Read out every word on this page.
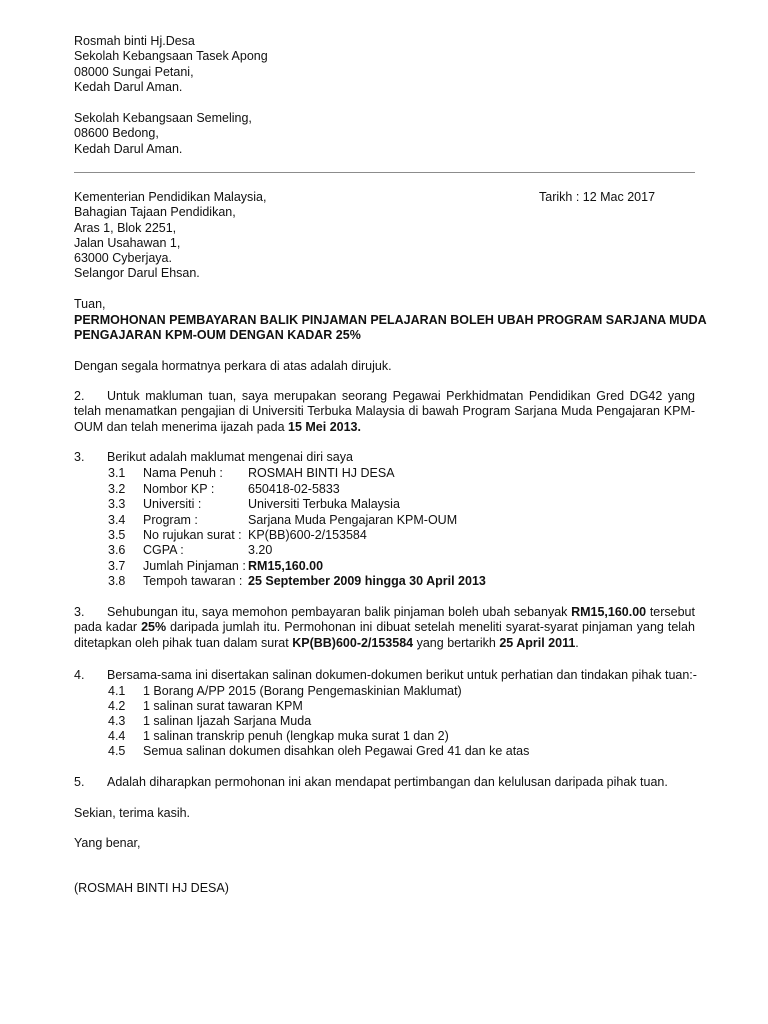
Rosmah binti Hj.Desa
Sekolah Kebangsaan Tasek Apong
08000 Sungai Petani,
Kedah Darul Aman.
Sekolah Kebangsaan Semeling,
08600 Bedong,
Kedah Darul Aman.
Kementerian Pendidikan Malaysia,
Bahagian Tajaan Pendidikan,
Aras 1, Blok 2251,
Jalan Usahawan 1,
63000 Cyberjaya.
Selangor Darul Ehsan.
Tarikh : 12 Mac 2017
Tuan,
PERMOHONAN PEMBAYARAN BALIK PINJAMAN PELAJARAN BOLEH UBAH PROGRAM SARJANA MUDA
PENGAJARAN KPM-OUM DENGAN KADAR 25%
Dengan segala hormatnya perkara di atas adalah dirujuk.
2. Untuk makluman tuan, saya merupakan seorang Pegawai Perkhidmatan Pendidikan Gred DG42 yang telah menamatkan pengajian di Universiti Terbuka Malaysia di bawah Program Sarjana Muda Pengajaran KPM-OUM dan telah menerima ijazah pada 15 Mei 2013.
3. Berikut adalah maklumat mengenai diri saya
3.1 Nama Penuh : ROSMAH BINTI HJ DESA
3.2 Nombor KP :	650418-02-5833
3.3 Universiti :	Universiti Terbuka Malaysia
3.4 Program :	Sarjana Muda Pengajaran KPM-OUM
3.5 No rujukan surat : KP(BB)600-2/153584
3.6 CGPA :	3.20
3.7 Jumlah Pinjaman : RM15,160.00
3.8 Tempoh tawaran : 25 September 2009 hingga 30 April 2013
3. Sehubungan itu, saya memohon pembayaran balik pinjaman boleh ubah sebanyak RM15,160.00 tersebut pada kadar 25% daripada jumlah itu. Permohonan ini dibuat setelah meneliti syarat-syarat pinjaman yang telah ditetapkan oleh pihak tuan dalam surat KP(BB)600-2/153584 yang bertarikh 25 April 2011.
4. Bersama-sama ini disertakan salinan dokumen-dokumen berikut untuk perhatian dan tindakan pihak tuan:-
4.1 1 Borang A/PP 2015 (Borang Pengemaskinian Maklumat)
4.2 1 salinan surat tawaran KPM
4.3 1 salinan Ijazah Sarjana Muda
4.4 1 salinan transkrip penuh (lengkap muka surat 1 dan 2)
4.5 Semua salinan dokumen disahkan oleh Pegawai Gred 41 dan ke atas
5. Adalah diharapkan permohonan ini akan mendapat pertimbangan dan kelulusan daripada pihak tuan.
Sekian, terima kasih.
Yang benar,
(ROSMAH BINTI HJ DESA)
